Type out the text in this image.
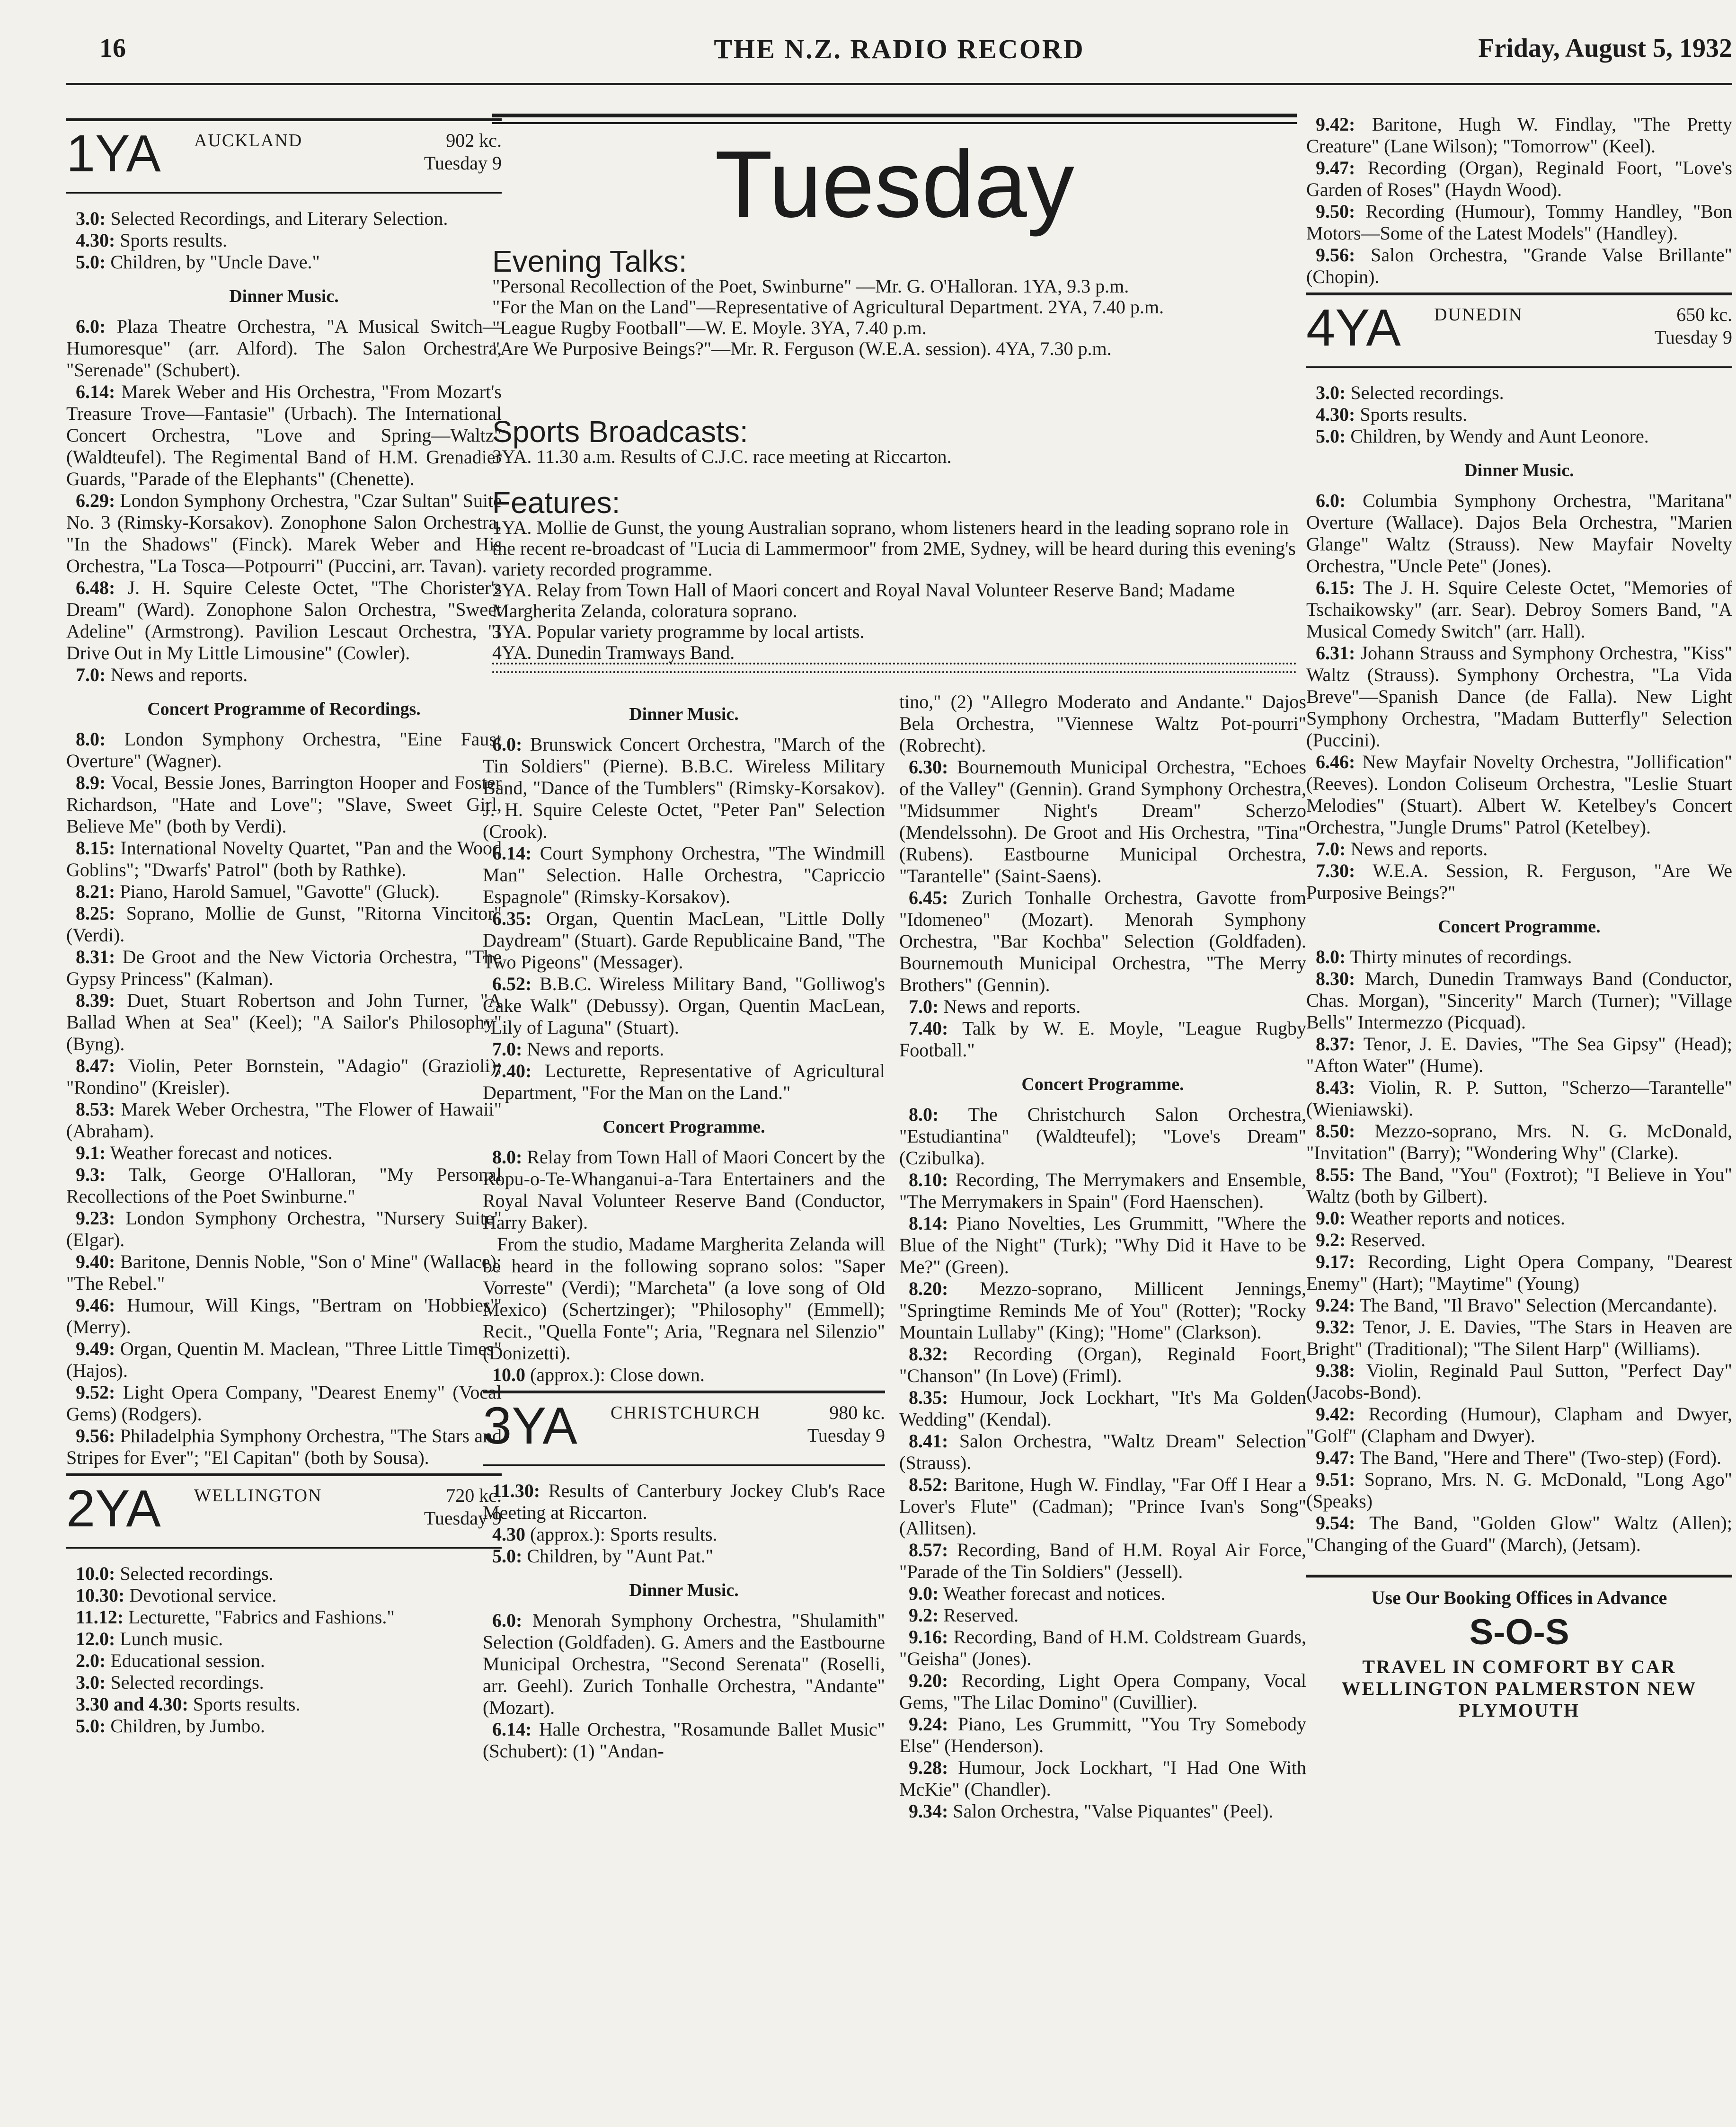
16	THE N.Z. RADIO RECORD	Friday, August 5, 1932
Tuesday
Evening Talks:

"Personal Recollection of the Poet, Swinburne" —Mr. G. O'Halloran. 1YA, 9.3 p.m.

"For the Man on the Land"—Representative of Agricultural Department. 2YA, 7.40 p.m.

"League Rugby Football"—W. E. Moyle. 3YA, 7.40 p.m.

"Are We Purposive Beings?"—Mr. R. Ferguson (W.E.A. session). 4YA, 7.30 p.m.

Sports Broadcasts:

3YA. 11.30 a.m. Results of C.J.C. race meeting at Riccarton.

Features:

1YA. Mollie de Gunst, the young Australian soprano, whom listeners heard in the leading soprano role in the recent re-broadcast of "Lucia di Lammermoor" from 2ME, Sydney, will be heard during this evening's variety recorded programme.

2YA. Relay from Town Hall of Maori concert and Royal Naval Volunteer Reserve Band; Madame Margherita Zelanda, coloratura soprano.

3YA. Popular variety programme by local artists.

4YA. Dunedin Tramways Band.

1YA AUCKLAND	902 kc.
Tuesday 9

3.0: Selected Recordings, and Literary Selection.

4.30: Sports results.

5.0: Children, by "Uncle Dave."

Dinner Music.

6.0: Plaza Theatre Orchestra, "A Musical Switch—Humoresque" (arr. Alford). The Salon Orchestra, "Serenade" (Schubert).

6.14: Marek Weber and His Orchestra, "From Mozart's Treasure Trove—Fantasie" (Urbach). The International Concert Orchestra, "Love and Spring—Waltz" (Waldteufel). The Regimental Band of H.M. Grenadier Guards, "Parade of the Elephants" (Chenette).

6.29: London Symphony Orchestra, "Czar Sultan" Suite No. 3 (Rimsky-Korsakov). Zonophone Salon Orchestra, "In the Shadows" (Finck). Marek Weber and His Orchestra, "La Tosca—Potpourri" (Puccini, arr. Tavan).

6.48: J. H. Squire Celeste Octet, "The Chorister's Dream" (Ward). Zonophone Salon Orchestra, "Sweet Adeline" (Armstrong). Pavilion Lescaut Orchestra, "I Drive Out in My Little Limousine" (Cowler).

7.0: News and reports.

Concert Programme of Recordings.

8.0: London Symphony Orchestra, "Eine Faust Overture" (Wagner).

8.9: Vocal, Bessie Jones, Barrington Hooper and Foster Richardson, "Hate and Love"; "Slave, Sweet Girl, Believe Me" (both by Verdi).

8.15: International Novelty Quartet, "Pan and the Wood Goblins"; "Dwarfs' Patrol" (both by Rathke).

8.21: Piano, Harold Samuel, "Gavotte" (Gluck).

8.25: Soprano, Mollie de Gunst, "Ritorna Vincitor" (Verdi).

8.31: De Groot and the New Victoria Orchestra, "The Gypsy Princess" (Kalman).

8.39: Duet, Stuart Robertson and John Turner, "A Ballad When at Sea" (Keel); "A Sailor's Philosophy" (Byng).

8.47: Violin, Peter Bornstein, "Adagio" (Grazioli); "Rondino" (Kreisler).

8.53: Marek Weber Orchestra, "The Flower of Hawaii" (Abraham).

9.1: Weather forecast and notices.

9.3: Talk, George O'Halloran, "My Personal Recollections of the Poet Swinburne."

9.23: London Symphony Orchestra, "Nursery Suite" (Elgar).

9.40: Baritone, Dennis Noble, "Son o' Mine" (Wallace); "The Rebel."

9.46: Humour, Will Kings, "Bertram on 'Hobbies'" (Merry).

9.49: Organ, Quentin M. Maclean, "Three Little Times" (Hajos).

9.52: Light Opera Company, "Dearest Enemy" (Vocal Gems) (Rodgers).

9.56: Philadelphia Symphony Orchestra, "The Stars and Stripes for Ever"; "El Capitan" (both by Sousa).

2YA WELLINGTON	720 kc.
Tuesday 9

10.0: Selected recordings.

10.30: Devotional service.

11.12: Lecturette, "Fabrics and Fashions."

12.0: Lunch music.

2.0: Educational session.

3.0: Selected recordings.

3.30 and 4.30: Sports results.

5.0: Children, by Jumbo.

Dinner Music.

6.0: Brunswick Concert Orchestra, "March of the Tin Soldiers" (Pierne). B.B.C. Wireless Military Band, "Dance of the Tumblers" (Rimsky-Korsakov). J. H. Squire Celeste Octet, "Peter Pan" Selection (Crook).

6.14: Court Symphony Orchestra, "The Windmill Man" Selection. Halle Orchestra, "Capriccio Espagnole" (Rimsky-Korsakov).

6.35: Organ, Quentin MacLean, "Little Dolly Daydream" (Stuart). Garde Republicaine Band, "The Two Pigeons" (Messager).

6.52: B.B.C. Wireless Military Band, "Golliwog's Cake Walk" (Debussy). Organ, Quentin MacLean, "Lily of Laguna" (Stuart).

7.0: News and reports.

7.40: Lecturette, Representative of Agricultural Department, "For the Man on the Land."

Concert Programme.

8.0: Relay from Town Hall of Maori Concert by the Ropu-o-Te-Whanganui-a-Tara Entertainers and the Royal Naval Volunteer Reserve Band (Conductor, Harry Baker).

From the studio, Madame Margherita Zelanda will be heard in the following soprano solos: "Saper Vorreste" (Verdi); "Marcheta" (a love song of Old Mexico) (Schertzinger); "Philosophy" (Emmell); Recit., "Quella Fonte"; Aria, "Regnara nel Silenzio" (Donizetti).

10.0 (approx.): Close down.

3YA CHRISTCHURCH	980 kc.
Tuesday 9

11.30: Results of Canterbury Jockey Club's Race Meeting at Riccarton.

4.30 (approx.): Sports results.

5.0: Children, by "Aunt Pat."

Dinner Music.

6.0: Menorah Symphony Orchestra, "Shulamith" Selection (Goldfaden). G. Amers and the Eastbourne Municipal Orchestra, "Second Serenata" (Roselli, arr. Geehl). Zurich Tonhalle Orchestra, "Andante" (Mozart).

6.14: Halle Orchestra, "Rosamunde Ballet Music" (Schubert): (1) "Andan-

tino," (2) "Allegro Moderato and Andante." Dajos Bela Orchestra, "Viennese Waltz Pot-pourri" (Robrecht).

6.30: Bournemouth Municipal Orchestra, "Echoes of the Valley" (Gennin). Grand Symphony Orchestra, "Midsummer Night's Dream" Scherzo (Mendelssohn). De Groot and His Orchestra, "Tina" (Rubens). Eastbourne Municipal Orchestra, "Tarantelle" (Saint-Saens).

6.45: Zurich Tonhalle Orchestra, Gavotte from "Idomeneo" (Mozart). Menorah Symphony Orchestra, "Bar Kochba" Selection (Goldfaden). Bournemouth Municipal Orchestra, "The Merry Brothers" (Gennin).

7.0: News and reports.

7.40: Talk by W. E. Moyle, "League Rugby Football."

Concert Programme.

8.0: The Christchurch Salon Orchestra, "Estudiantina" (Waldteufel); "Love's Dream" (Czibulka).

8.10: Recording, The Merrymakers and Ensemble, "The Merrymakers in Spain" (Ford Haenschen).

8.14: Piano Novelties, Les Grummitt, "Where the Blue of the Night" (Turk); "Why Did it Have to be Me?" (Green).

8.20: Mezzo-soprano, Millicent Jennings, "Springtime Reminds Me of You" (Rotter); "Rocky Mountain Lullaby" (King); "Home" (Clarkson).

8.32: Recording (Organ), Reginald Foort, "Chanson" (In Love) (Friml).

8.35: Humour, Jock Lockhart, "It's Ma Golden Wedding" (Kendal).

8.41: Salon Orchestra, "Waltz Dream" Selection (Strauss).

8.52: Baritone, Hugh W. Findlay, "Far Off I Hear a Lover's Flute" (Cadman); "Prince Ivan's Song" (Allitsen).

8.57: Recording, Band of H.M. Royal Air Force, "Parade of the Tin Soldiers" (Jessell).

9.0: Weather forecast and notices.

9.2: Reserved.

9.16: Recording, Band of H.M. Coldstream Guards, "Geisha" (Jones).

9.20: Recording, Light Opera Company, Vocal Gems, "The Lilac Domino" (Cuvillier).

9.24: Piano, Les Grummitt, "You Try Somebody Else" (Henderson).

9.28: Humour, Jock Lockhart, "I Had One With McKie" (Chandler).

9.34: Salon Orchestra, "Valse Piquantes" (Peel).

9.42: Baritone, Hugh W. Findlay, "The Pretty Creature" (Lane Wilson); "Tomorrow" (Keel).

9.47: Recording (Organ), Reginald Foort, "Love's Garden of Roses" (Haydn Wood).

9.50: Recording (Humour), Tommy Handley, "Bon Motors—Some of the Latest Models" (Handley).

9.56: Salon Orchestra, "Grande Valse Brillante" (Chopin).

4YA DUNEDIN	650 kc.
Tuesday 9

3.0: Selected recordings.

4.30: Sports results.

5.0: Children, by Wendy and Aunt Leonore.

Dinner Music.

6.0: Columbia Symphony Orchestra, "Maritana" Overture (Wallace). Dajos Bela Orchestra, "Marien Glange" Waltz (Strauss). New Mayfair Novelty Orchestra, "Uncle Pete" (Jones).

6.15: The J. H. Squire Celeste Octet, "Memories of Tschaikowsky" (arr. Sear). Debroy Somers Band, "A Musical Comedy Switch" (arr. Hall).

6.31: Johann Strauss and Symphony Orchestra, "Kiss" Waltz (Strauss). Symphony Orchestra, "La Vida Breve"—Spanish Dance (de Falla). New Light Symphony Orchestra, "Madam Butterfly" Selection (Puccini).

6.46: New Mayfair Novelty Orchestra, "Jollification" (Reeves). London Coliseum Orchestra, "Leslie Stuart Melodies" (Stuart). Albert W. Ketelbey's Concert Orchestra, "Jungle Drums" Patrol (Ketelbey).

7.0: News and reports.

7.30: W.E.A. Session, R. Ferguson, "Are We Purposive Beings?"

Concert Programme.

8.0: Thirty minutes of recordings.

8.30: March, Dunedin Tramways Band (Conductor, Chas. Morgan), "Sincerity" March (Turner); "Village Bells" Intermezzo (Picquad).

8.37: Tenor, J. E. Davies, "The Sea Gipsy" (Head); "Afton Water" (Hume).

8.43: Violin, R. P. Sutton, "Scherzo—Tarantelle" (Wieniawski).

8.50: Mezzo-soprano, Mrs. N. G. McDonald, "Invitation" (Barry); "Wondering Why" (Clarke).

8.55: The Band, "You" (Foxtrot); "I Believe in You" Waltz (both by Gilbert).

9.0: Weather reports and notices.

9.2: Reserved.

9.17: Recording, Light Opera Company, "Dearest Enemy" (Hart); "Maytime" (Young)

9.24: The Band, "Il Bravo" Selection (Mercandante).

9.32: Tenor, J. E. Davies, "The Stars in Heaven are Bright" (Traditional); "The Silent Harp" (Williams).

9.38: Violin, Reginald Paul Sutton, "Perfect Day" (Jacobs-Bond).

9.42: Recording (Humour), Clapham and Dwyer, "Golf" (Clapham and Dwyer).

9.47: The Band, "Here and There" (Two-step) (Ford).

9.51: Soprano, Mrs. N. G. McDonald, "Long Ago" (Speaks)

9.54: The Band, "Golden Glow" Waltz (Allen); "Changing of the Guard" (March), (Jetsam).

Use Our Booking Offices in Advance
S-O-S
TRAVEL IN COMFORT BY CAR
WELLINGTON PALMERSTON NEW PLYMOUTH
